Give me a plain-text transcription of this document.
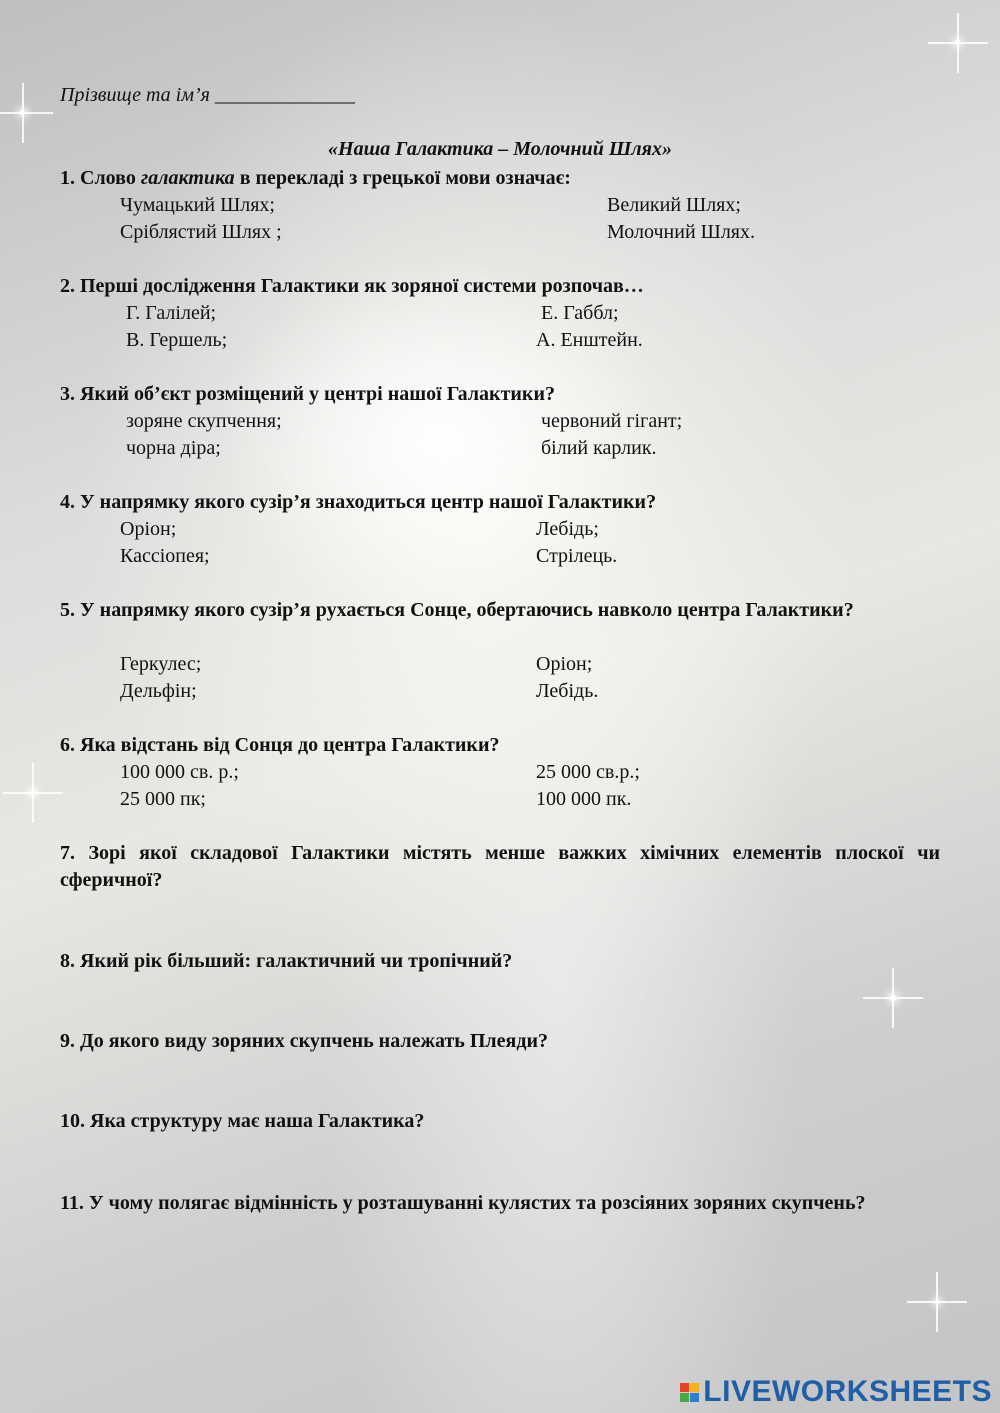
Прізвище та ім’я ______________
«Наша Галактика – Молочний Шлях»
1. Слово галактика в перекладі з грецької мови означає:
Чумацький Шлях;	Великий Шлях;
Сріблястий Шлях ;	Молочний Шлях.
2. Перші дослідження Галактики як зоряної системи розпочав…
Г. Галілей;	Е. Габбл;
В. Гершель;	А. Енштейн.
3. Який об’єкт розміщений у центрі нашої Галактики?
зоряне скупчення;	червоний гігант;
чорна діра;	білий карлик.
4. У напрямку якого сузір’я знаходиться центр нашої Галактики?
Оріон;	Лебідь;
Кассіопея;	Стрілець.
5. У напрямку якого сузір’я рухається Сонце, обертаючись навколо центра Галактики?
Геркулес;	Оріон;
Дельфін;	Лебідь.
6. Яка відстань від Сонця до центра Галактики?
100 000 св. р.;	25 000 св.р.;
25 000 пк;	100 000 пк.
7. Зорі якої складової Галактики містять менше важких хімічних елементів плоскої чи сферичної?
8. Який рік більший: галактичний чи тропічний?
9. До якого виду зоряних скупчень належать Плеяди?
10. Яка структуру має наша Галактика?
11. У чому полягає відмінність у розташуванні кулястих та розсіяних зоряних скупчень?
LIVEWORKSHEETS
